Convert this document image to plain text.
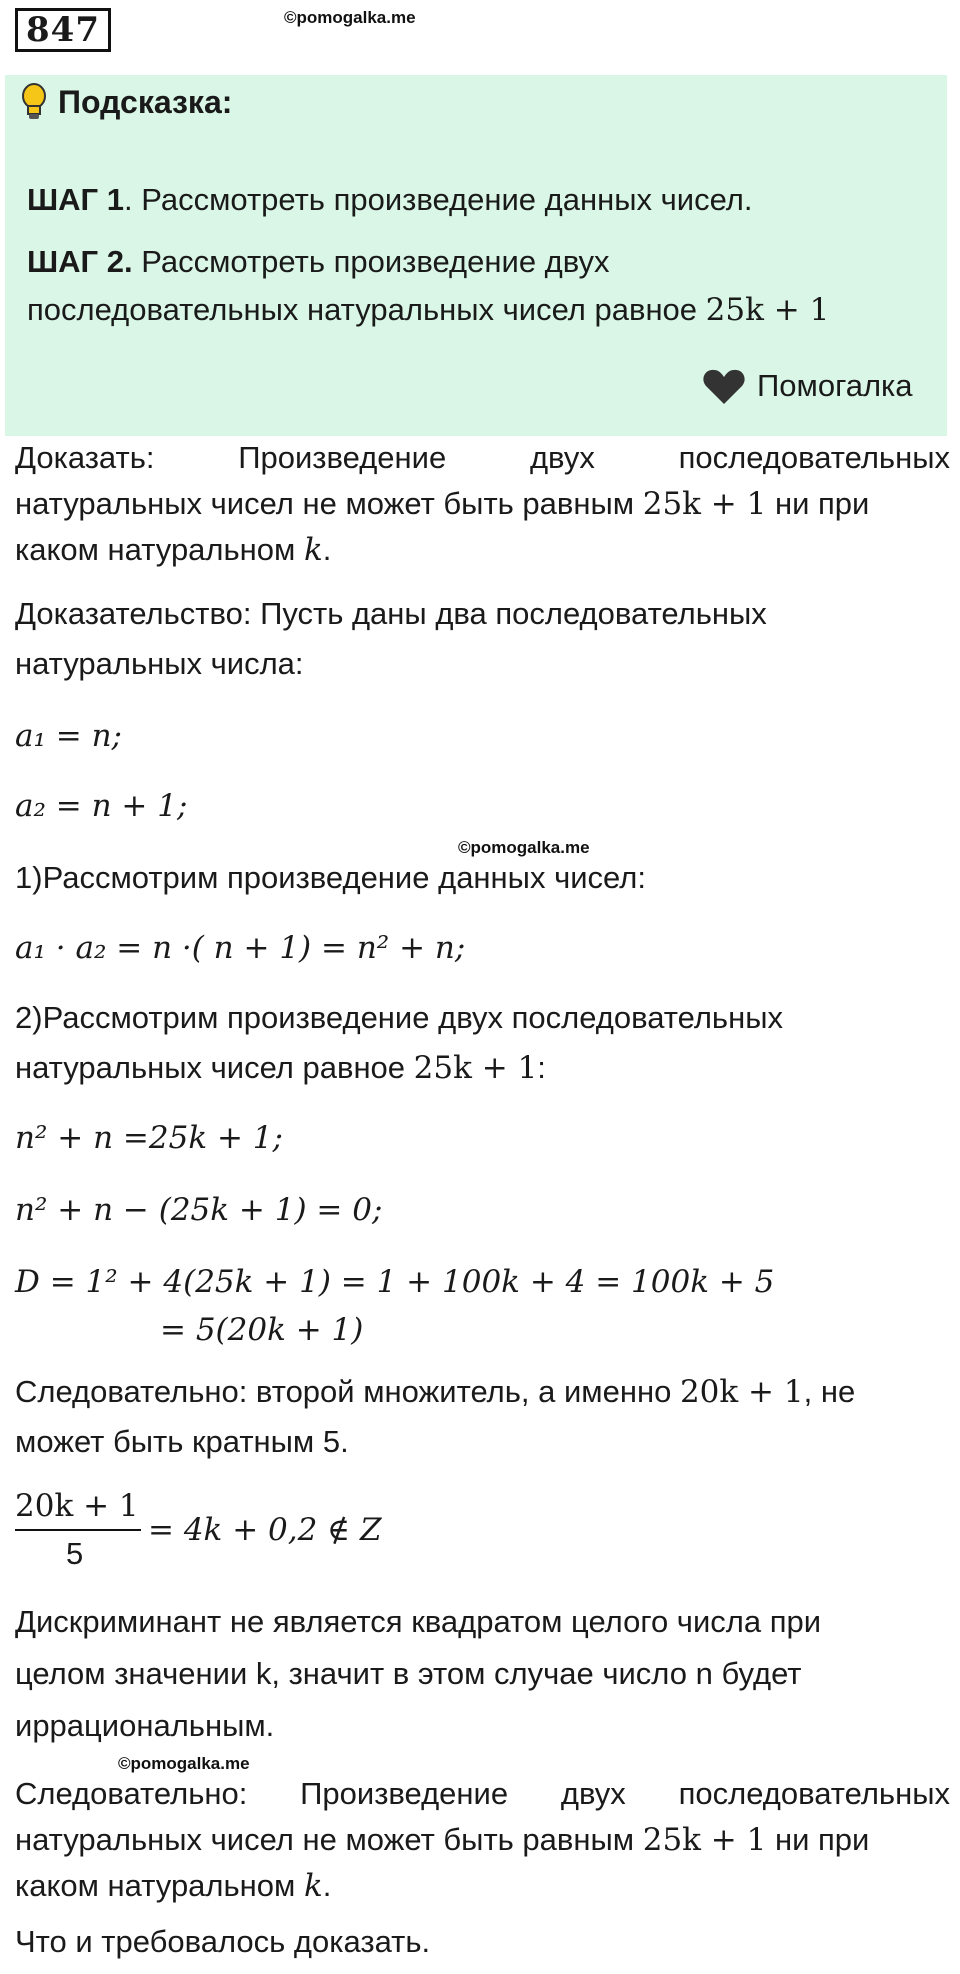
847	©pomogalka.me
Подсказка:
ШАГ 1. Рассмотреть произведение данных чисел.
ШАГ 2. Рассмотреть произведение двух
последовательных натуральных чисел равное 25k + 1
Помогалка
Доказать:	Произведение	двух	последовательных
натуральных чисел не может быть равным 25k + 1 ни при
каком натуральном k.
Доказательство: Пусть даны два последовательных
натуральных числа:
a₁ = n;
a₂ = n + 1;
©pomogalka.me
1)Рассмотрим произведение данных чисел:
a₁ · a₂ = n ·( n + 1) = n² + n;
2)Рассмотрим произведение двух последовательных
натуральных чисел равное 25k + 1:
n² + n =25k + 1;
n² + n − (25k + 1) = 0;
D = 1² + 4(25k + 1) = 1 + 100k + 4 = 100k + 5
= 5(20k + 1)
Следовательно: второй множитель, а именно 20k + 1, не
может быть кратным 5.
20k + 1
5
= 4k + 0,2 ∉ Z
Дискриминант не является квадратом целого числа при
целом значении k, значит в этом случае число n будет
иррациональным.
©pomogalka.me
Следовательно: Произведение двух последовательных
натуральных чисел не может быть равным 25k + 1 ни при
каком натуральном k.
Что и требовалось доказать.
